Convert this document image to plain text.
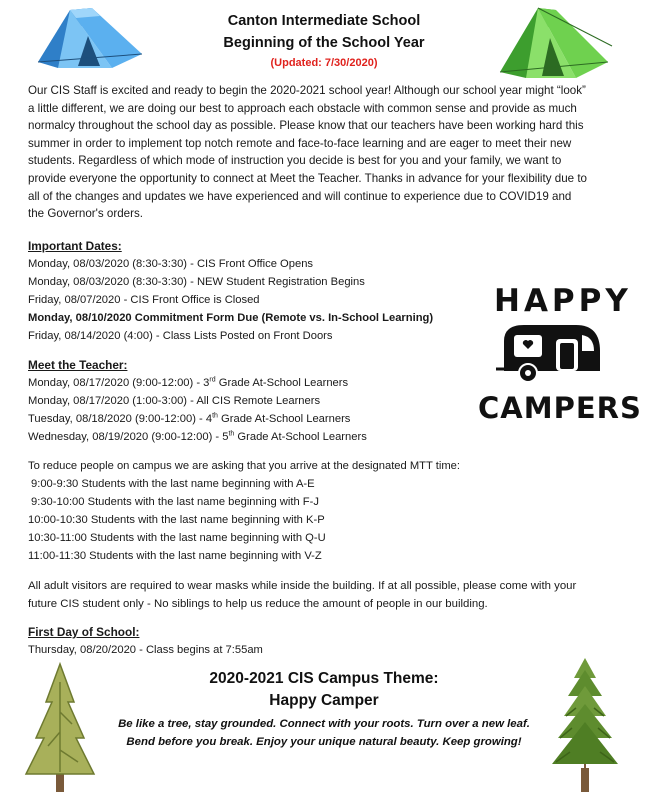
Canton Intermediate School
Beginning of the School Year
(Updated: 7/30/2020)
Our CIS Staff is excited and ready to begin the 2020-2021 school year! Although our school year might “look” a little different, we are doing our best to approach each obstacle with common sense and provide as much normalcy throughout the school day as possible. Please know that our teachers have been working hard this summer in order to implement top notch remote and face-to-face learning and are eager to meet their new students. Regardless of which mode of instruction you decide is best for you and your family, we want to provide everyone the opportunity to connect at Meet the Teacher. Thanks in advance for your flexibility due to all of the changes and updates we have experienced and will continue to experience due to COVID19 and the Governor's orders.
Important Dates:
Monday, 08/03/2020 (8:30-3:30) - CIS Front Office Opens
Monday, 08/03/2020 (8:30-3:30) - NEW Student Registration Begins
Friday, 08/07/2020 - CIS Front Office is Closed
Monday, 08/10/2020 Commitment Form Due (Remote vs. In-School Learning)
Friday, 08/14/2020 (4:00) - Class Lists Posted on Front Doors
Meet the Teacher:
Monday, 08/17/2020 (9:00-12:00) - 3rd Grade At-School Learners
Monday, 08/17/2020 (1:00-3:00) - All CIS Remote Learners
Tuesday, 08/18/2020 (9:00-12:00) - 4th Grade At-School Learners
Wednesday, 08/19/2020 (9:00-12:00) - 5th Grade At-School Learners
To reduce people on campus we are asking that you arrive at the designated MTT time:
9:00-9:30 Students with the last name beginning with A-E
9:30-10:00 Students with the last name beginning with F-J
10:00-10:30 Students with the last name beginning with K-P
10:30-11:00 Students with the last name beginning with Q-U
11:00-11:30 Students with the last name beginning with V-Z
All adult visitors are required to wear masks while inside the building. If at all possible, please come with your future CIS student only - No siblings to help us reduce the amount of people in our building.
First Day of School:
Thursday, 08/20/2020 - Class begins at 7:55am
HAPPY
CAMPERS
2020-2021 CIS Campus Theme:
Happy Camper
Be like a tree, stay grounded. Connect with your roots. Turn over a new leaf.
Bend before you break. Enjoy your unique natural beauty. Keep growing!
